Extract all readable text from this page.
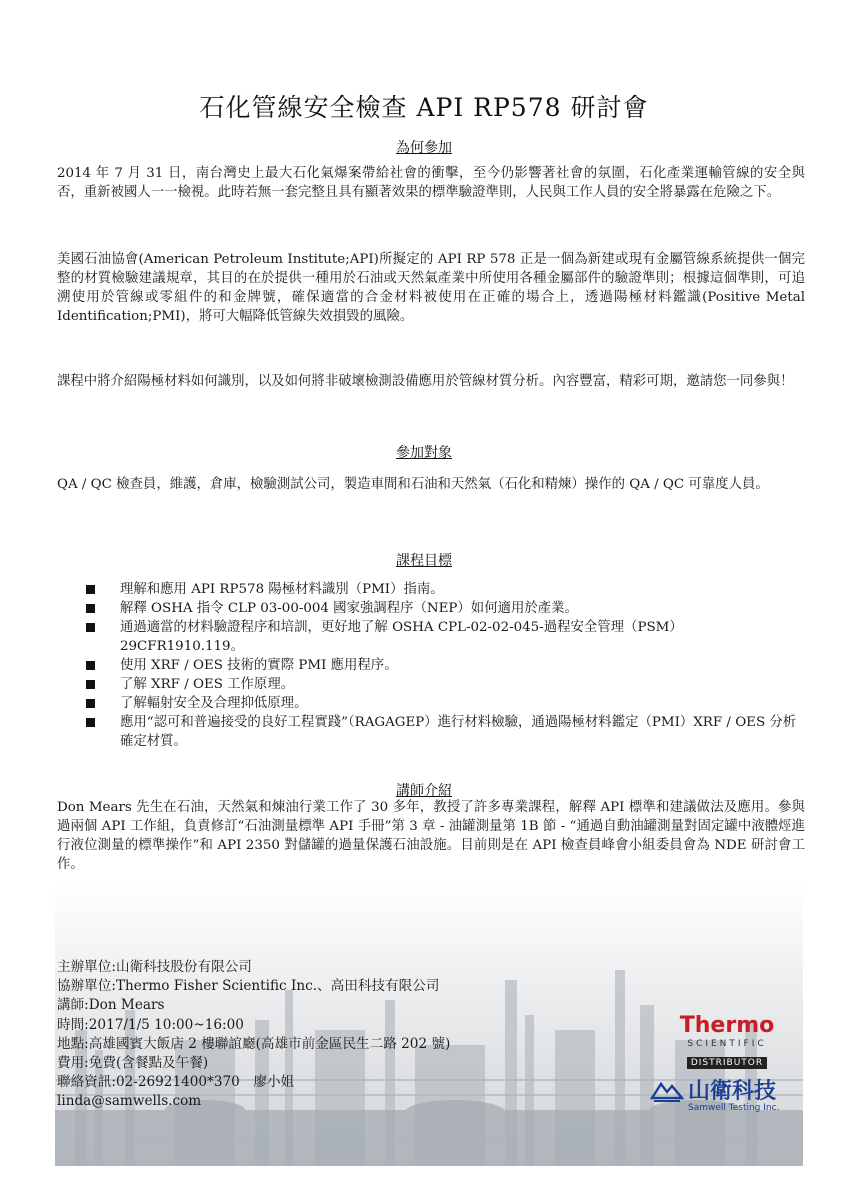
石化管線安全檢查 API RP578 研討會
為何參加

2014 年 7 月 31 日，南台灣史上最大石化氣爆案帶給社會的衝擊，至今仍影響著社會的氛圍，石化產業運輸管線的安全與否，重新被國人一一檢視。此時若無一套完整且具有顯著效果的標準驗證準則，人民與工作人員的安全將暴露在危險之下。

美國石油協會(American Petroleum Institute;API)所擬定的 API RP 578 正是一個為新建或現有金屬管線系統提供一個完整的材質檢驗建議規章，其目的在於提供一種用於石油或天然氣產業中所使用各種金屬部件的驗證準則；根據這個準則，可追溯使用於管線或零組件的和金牌號，確保適當的合金材料被使用在正確的場合上，透過陽極材料鑑識(Positive Metal Identification;PMI)，將可大幅降低管線失效損毀的風險。

課程中將介紹陽極材料如何識別，以及如何將非破壞檢測設備應用於管線材質分析。內容豐富，精彩可期，邀請您一同參與！

參加對象

QA / QC 檢查員，維護，倉庫，檢驗測試公司，製造車間和石油和天然氣（石化和精煉）操作的 QA / QC 可靠度人員。

課程目標
理解和應用 API RP578 陽極材料識別（PMI）指南。
解釋 OSHA 指令 CLP 03-00-004 國家強調程序（NEP）如何適用於產業。
通過適當的材料驗證程序和培訓，更好地了解 OSHA CPL-02-02-045-過程安全管理（PSM）29CFR1910.119。
使用 XRF / OES 技術的實際 PMI 應用程序。
了解 XRF / OES 工作原理。
了解輻射安全及合理抑低原理。
應用“認可和普遍接受的良好工程實踐”（RAGAGEP）進行材料檢驗，通過陽極材料鑑定（PMI）XRF / OES 分析確定材質。
講師介紹

Don Mears 先生在石油，天然氣和煉油行業工作了 30 多年，教授了許多專業課程，解釋 API 標準和建議做法及應用。參與過兩個 API 工作組，負責修訂“石油測量標準 API 手冊”第 3 章 - 油罐測量第 1B 節 - “通過自動油罐測量對固定罐中液體烴進行液位測量的標準操作”和 API 2350 對儲罐的過量保護石油設施。目前則是在 API 檢查員峰會小組委員會為 NDE 研討會工作。

主辦單位:山衛科技股份有限公司
協辦單位:Thermo Fisher Scientific Inc.、高田科技有限公司
講師:Don Mears
時間:2017/1/5 10:00~16:00
地點:高雄國賓大飯店 2 樓聯誼廳(高雄市前金區民生二路 202 號)
費用:免費(含餐點及午餐)
聯絡資訊:02-26921400*370　廖小姐
linda@samwells.com
Thermo
SCIENTIFIC
DISTRIBUTOR
山衛科技
Samwell Testing Inc.
